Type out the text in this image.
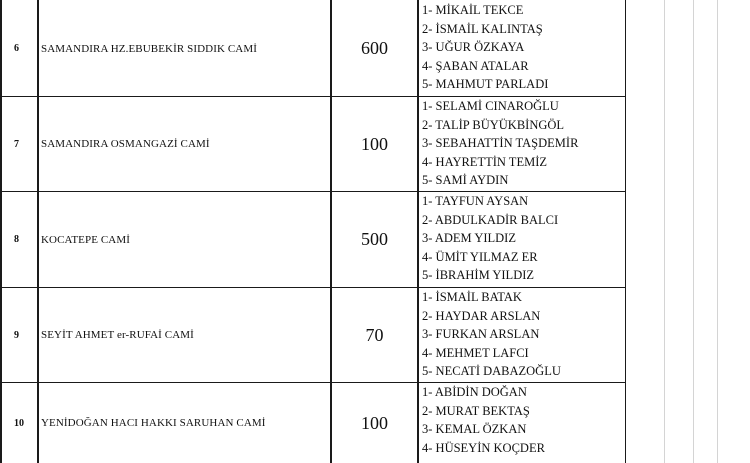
6	SAMANDIRA HZ.EBUBEKİR SIDDIK CAMİ	600
1- MİKAİL TEKCE
2- İSMAİL KALINTAŞ
3- UĞUR ÖZKAYA
4- ŞABAN ATALAR
5- MAHMUT PARLADI
7	SAMANDIRA OSMANGAZİ CAMİ	100
1- SELAMİ CINAROĞLU
2- TALİP BÜYÜKBİNGÖL
3- SEBAHATTİN TAŞDEMİR
4- HAYRETTİN TEMİZ
5- SAMİ AYDIN
8	KOCATEPE CAMİ	500
1- TAYFUN AYSAN
2- ABDULKADİR BALCI
3- ADEM YILDIZ
4- ÜMİT YILMAZ ER
5- İBRAHİM YILDIZ
9	SEYİT AHMET er-RUFAİ CAMİ	70
1- İSMAİL BATAK
2- HAYDAR ARSLAN
3- FURKAN ARSLAN
4- MEHMET LAFCI
5- NECATİ DABAZOĞLU
10	YENİDOĞAN HACI HAKKI SARUHAN CAMİ	100
1- ABİDİN DOĞAN
2- MURAT BEKTAŞ
3- KEMAL ÖZKAN
4- HÜSEYİN KOÇDER
